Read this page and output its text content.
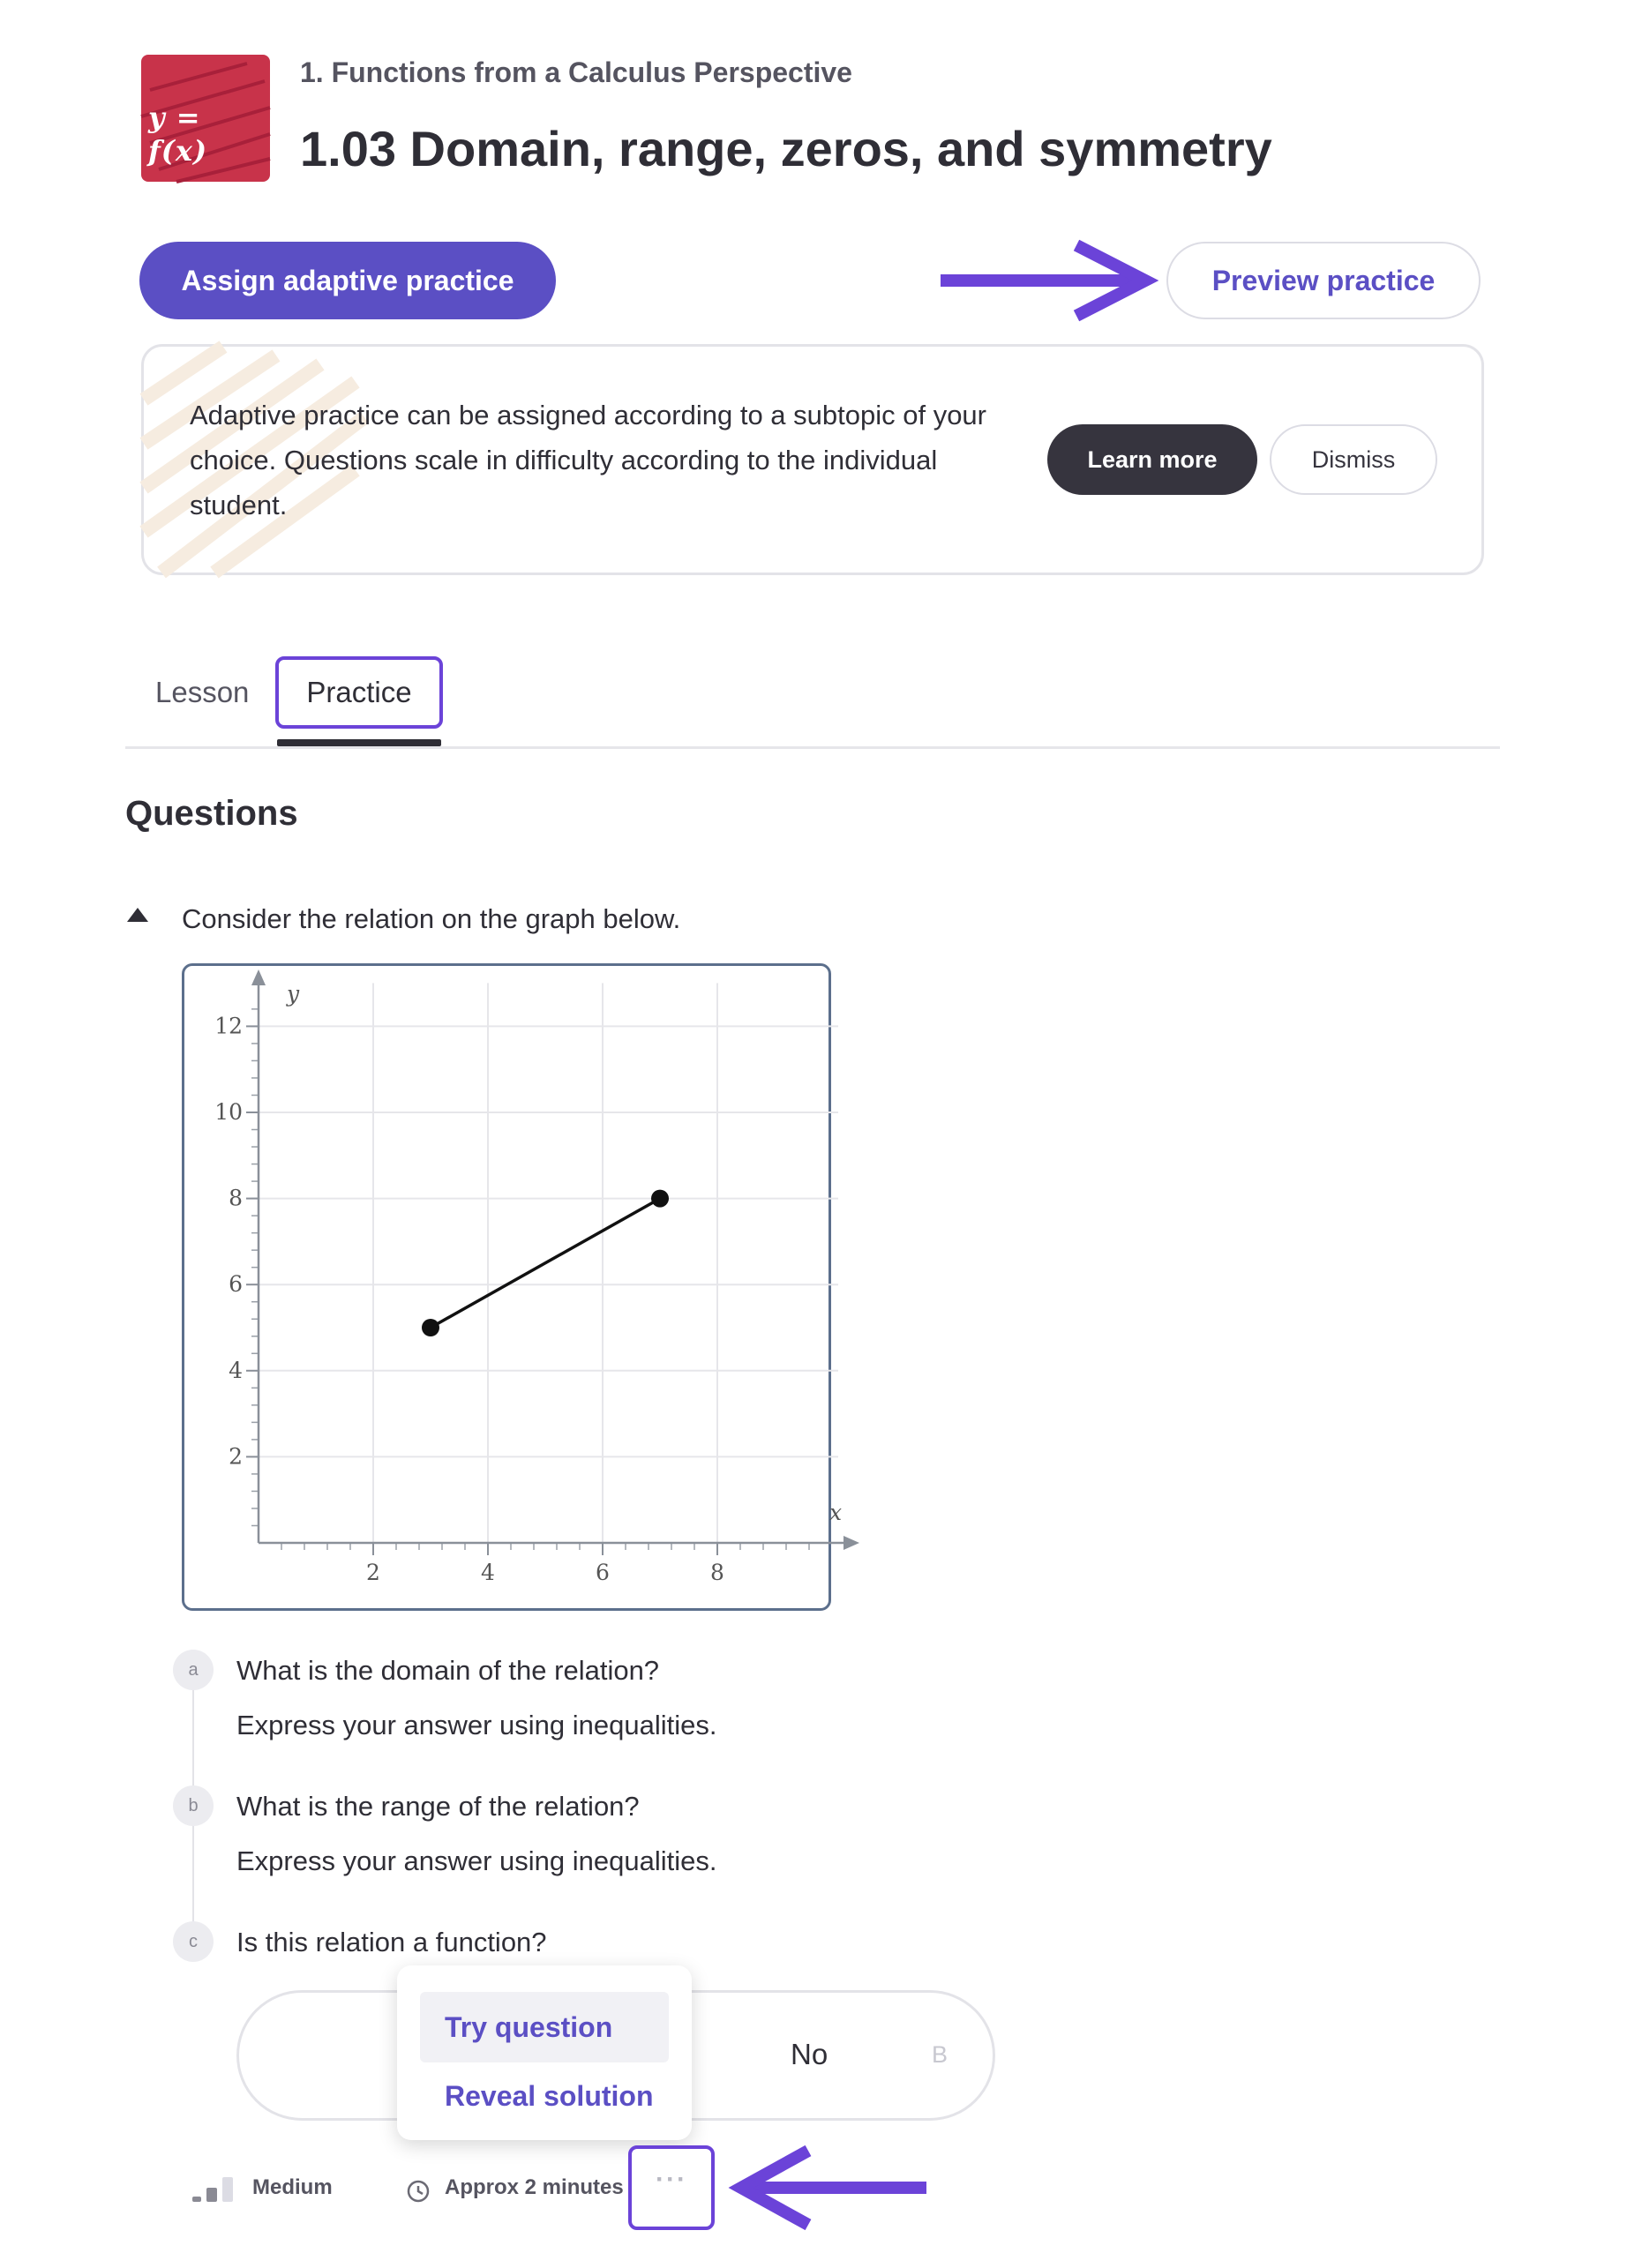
y = f(x)
1. Functions from a Calculus Perspective
1.03 Domain, range, zeros, and symmetry
Assign adaptive practice	Preview practice
Adaptive practice can be assigned according to a subtopic of your choice. Questions scale in difficulty according to the individual student.
Learn more	Dismiss
Lesson	Practice
Questions
Consider the relation on the graph below.
2	4	6	8
2
4
6
8
10
12
x
y
a	What is the domain of the relation?
Express your answer using inequalities.
b	What is the range of the relation?
Express your answer using inequalities.
c	Is this relation a function?
No	B
Try question
Reveal solution
Medium	Approx 2 minutes	···
